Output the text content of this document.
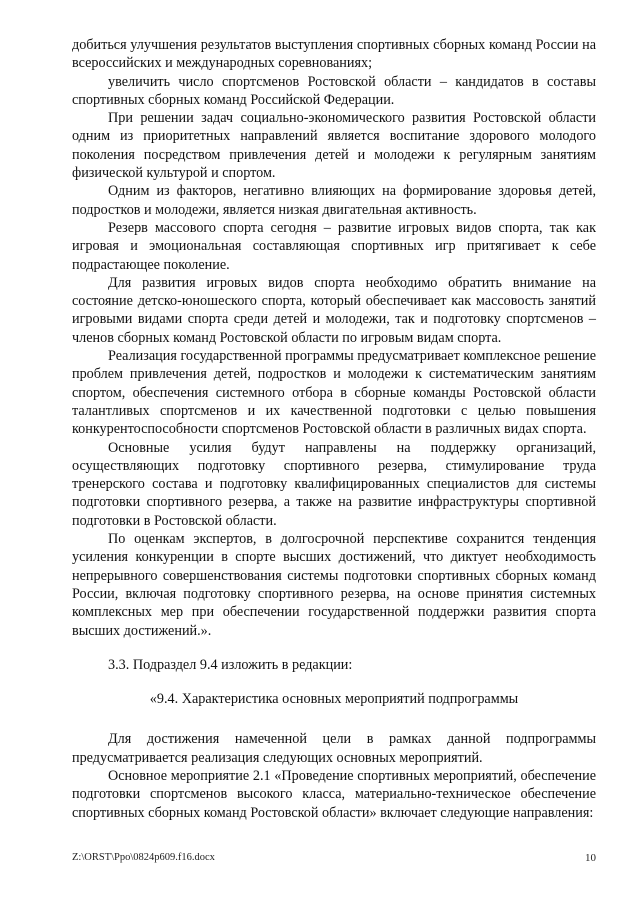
добиться улучшения результатов выступления спортивных сборных команд России на всероссийских и международных соревнованиях;

увеличить число спортсменов Ростовской области – кандидатов в составы спортивных сборных команд Российской Федерации.

При решении задач социально-экономического развития Ростовской области одним из приоритетных направлений является воспитание здорового молодого поколения посредством привлечения детей и молодежи к регулярным занятиям физической культурой и спортом.

Одним из факторов, негативно влияющих на формирование здоровья детей, подростков и молодежи, является низкая двигательная активность.

Резерв массового спорта сегодня – развитие игровых видов спорта, так как игровая и эмоциональная составляющая спортивных игр притягивает к себе подрастающее поколение.

Для развития игровых видов спорта необходимо обратить внимание на состояние детско-юношеского спорта, который обеспечивает как массовость занятий игровыми видами спорта среди детей и молодежи, так и подготовку спортсменов – членов сборных команд Ростовской области по игровым видам спорта.

Реализация государственной программы предусматривает комплексное решение проблем привлечения детей, подростков и молодежи к систематическим занятиям спортом, обеспечения системного отбора в сборные команды Ростовской области талантливых спортсменов и их качественной подготовки с целью повышения конкурентоспособности спортсменов Ростовской области в различных видах спорта.

Основные усилия будут направлены на поддержку организаций, осуществляющих подготовку спортивного резерва, стимулирование труда тренерского состава и подготовку квалифицированных специалистов для системы подготовки спортивного резерва, а также на развитие инфраструктуры спортивной подготовки в Ростовской области.

По оценкам экспертов, в долгосрочной перспективе сохранится тенденция усиления конкуренции в спорте высших достижений, что диктует необходимость непрерывного совершенствования системы подготовки спортивных сборных команд России, включая подготовку спортивного резерва, на основе принятия системных комплексных мер при обеспечении государственной поддержки развития спорта высших достижений.».

3.3. Подраздел 9.4 изложить в редакции:

«9.4. Характеристика основных мероприятий подпрограммы

Для достижения намеченной цели в рамках данной подпрограммы предусматривается реализация следующих основных мероприятий.

Основное мероприятие 2.1 «Проведение спортивных мероприятий, обеспечение подготовки спортсменов высокого класса, материально-техническое обеспечение спортивных сборных команд Ростовской области» включает следующие направления:

Z:\ORST\Ppo\0824p609.f16.docx	10
